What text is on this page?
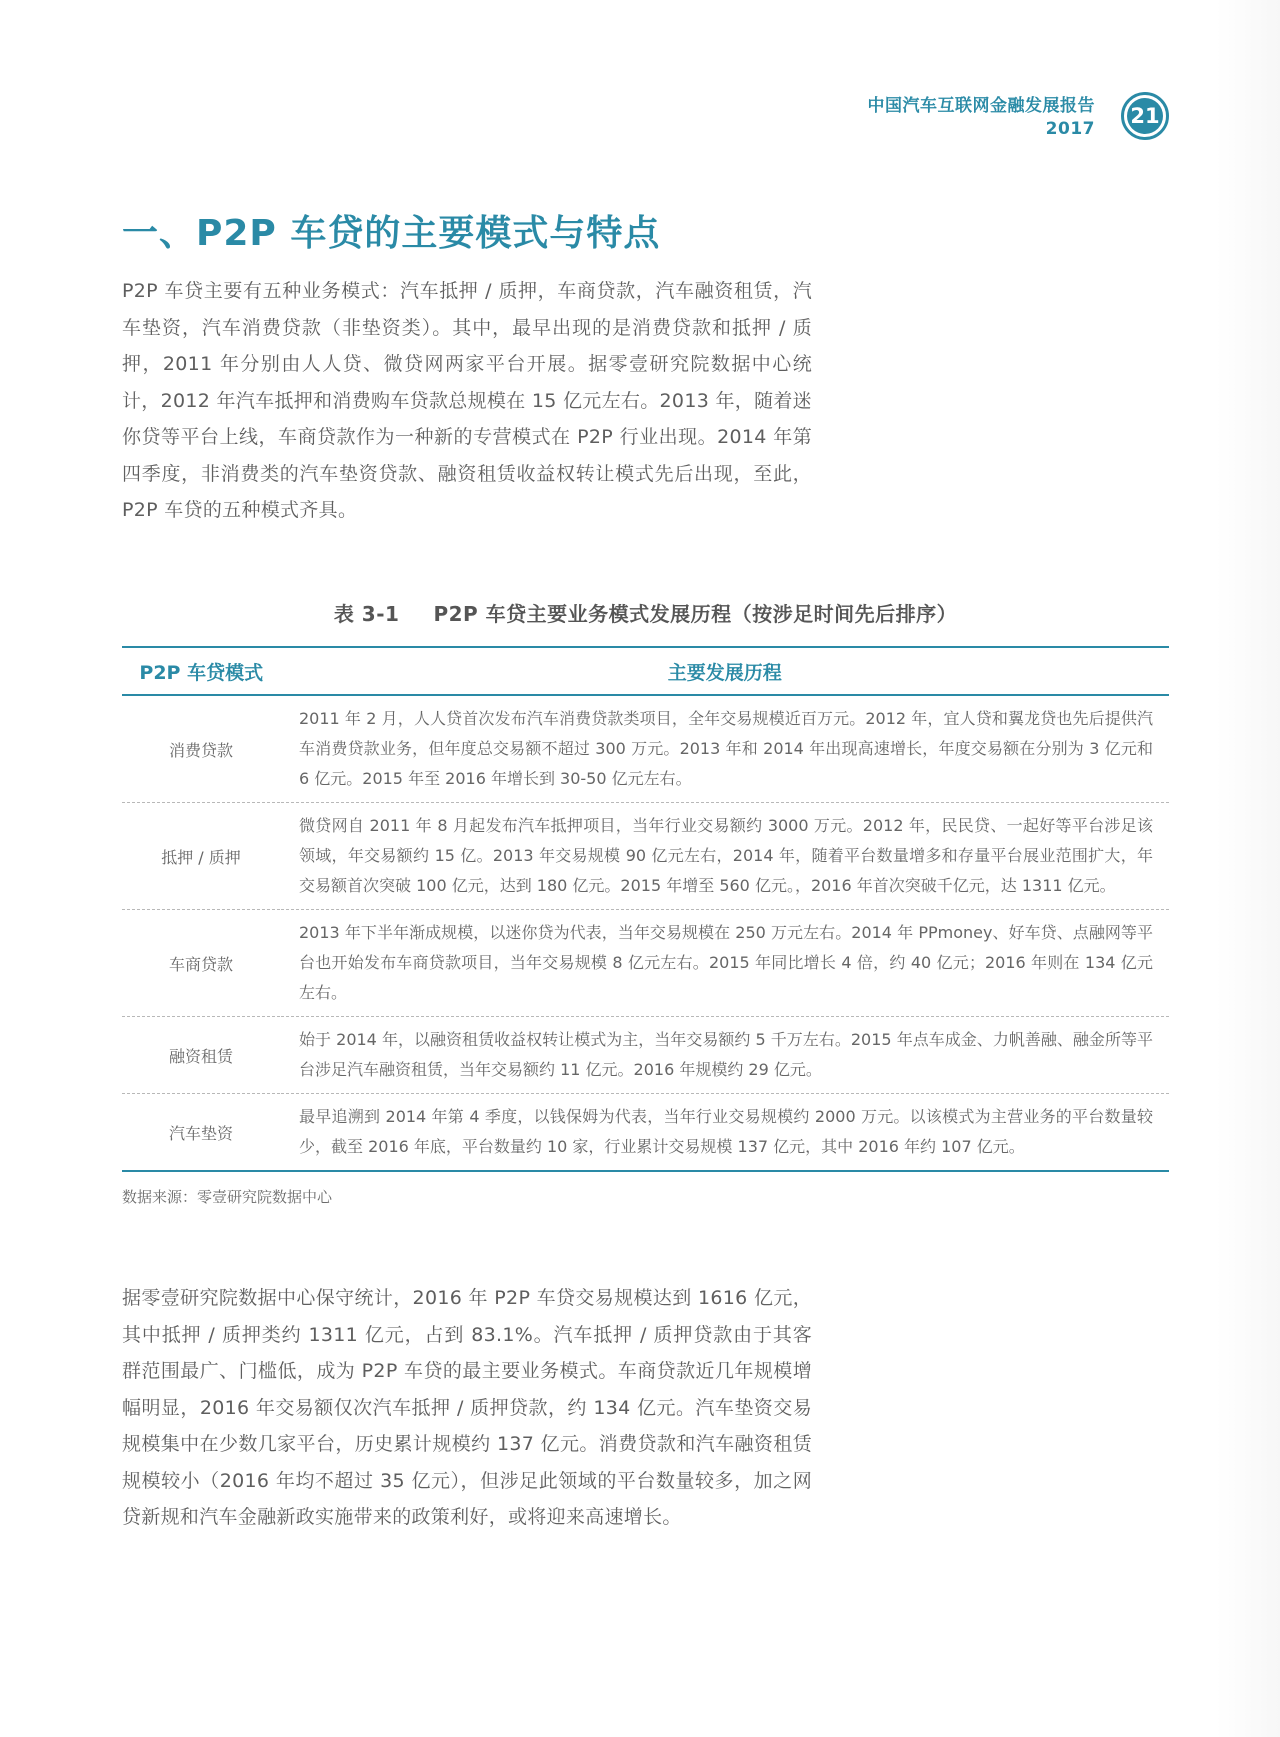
中国汽车互联网金融发展报告
2017
21
一、P2P 车贷的主要模式与特点
P2P 车贷主要有五种业务模式：汽车抵押 / 质押，车商贷款，汽车融资租赁，汽车垫资，汽车消费贷款（非垫资类）。其中，最早出现的是消费贷款和抵押 / 质押，2011 年分别由人人贷、微贷网两家平台开展。据零壹研究院数据中心统计，2012 年汽车抵押和消费购车贷款总规模在 15 亿元左右。2013 年，随着迷你贷等平台上线，车商贷款作为一种新的专营模式在 P2P 行业出现。2014 年第四季度，非消费类的汽车垫资贷款、融资租赁收益权转让模式先后出现，至此，P2P 车贷的五种模式齐具。
表 3-1 P2P 车贷主要业务模式发展历程（按涉足时间先后排序）
P2P 车贷模式	主要发展历程
消费贷款	2011 年 2 月，人人贷首次发布汽车消费贷款类项目，全年交易规模近百万元。2012 年，宜人贷和翼龙贷也先后提供汽车消费贷款业务，但年度总交易额不超过 300 万元。2013 年和 2014 年出现高速增长，年度交易额在分别为 3 亿元和 6 亿元。2015 年至 2016 年增长到 30-50 亿元左右。
抵押 / 质押	微贷网自 2011 年 8 月起发布汽车抵押项目，当年行业交易额约 3000 万元。2012 年，民民贷、一起好等平台涉足该领域，年交易额约 15 亿。2013 年交易规模 90 亿元左右，2014 年，随着平台数量增多和存量平台展业范围扩大，年交易额首次突破 100 亿元，达到 180 亿元。2015 年增至 560 亿元。，2016 年首次突破千亿元，达 1311 亿元。
车商贷款	2013 年下半年渐成规模，以迷你贷为代表，当年交易规模在 250 万元左右。2014 年 PPmoney、好车贷、点融网等平台也开始发布车商贷款项目，当年交易规模 8 亿元左右。2015 年同比增长 4 倍，约 40 亿元；2016 年则在 134 亿元左右。
融资租赁	始于 2014 年，以融资租赁收益权转让模式为主，当年交易额约 5 千万左右。2015 年点车成金、力帆善融、融金所等平台涉足汽车融资租赁，当年交易额约 11 亿元。2016 年规模约 29 亿元。
汽车垫资	最早追溯到 2014 年第 4 季度，以钱保姆为代表，当年行业交易规模约 2000 万元。以该模式为主营业务的平台数量较少，截至 2016 年底，平台数量约 10 家，行业累计交易规模 137 亿元，其中 2016 年约 107 亿元。
数据来源：零壹研究院数据中心
据零壹研究院数据中心保守统计，2016 年 P2P 车贷交易规模达到 1616 亿元，其中抵押 / 质押类约 1311 亿元，占到 83.1%。汽车抵押 / 质押贷款由于其客群范围最广、门槛低，成为 P2P 车贷的最主要业务模式。车商贷款近几年规模增幅明显，2016 年交易额仅次汽车抵押 / 质押贷款，约 134 亿元。汽车垫资交易规模集中在少数几家平台，历史累计规模约 137 亿元。消费贷款和汽车融资租赁规模较小（2016 年均不超过 35 亿元），但涉足此领域的平台数量较多，加之网贷新规和汽车金融新政实施带来的政策利好，或将迎来高速增长。
